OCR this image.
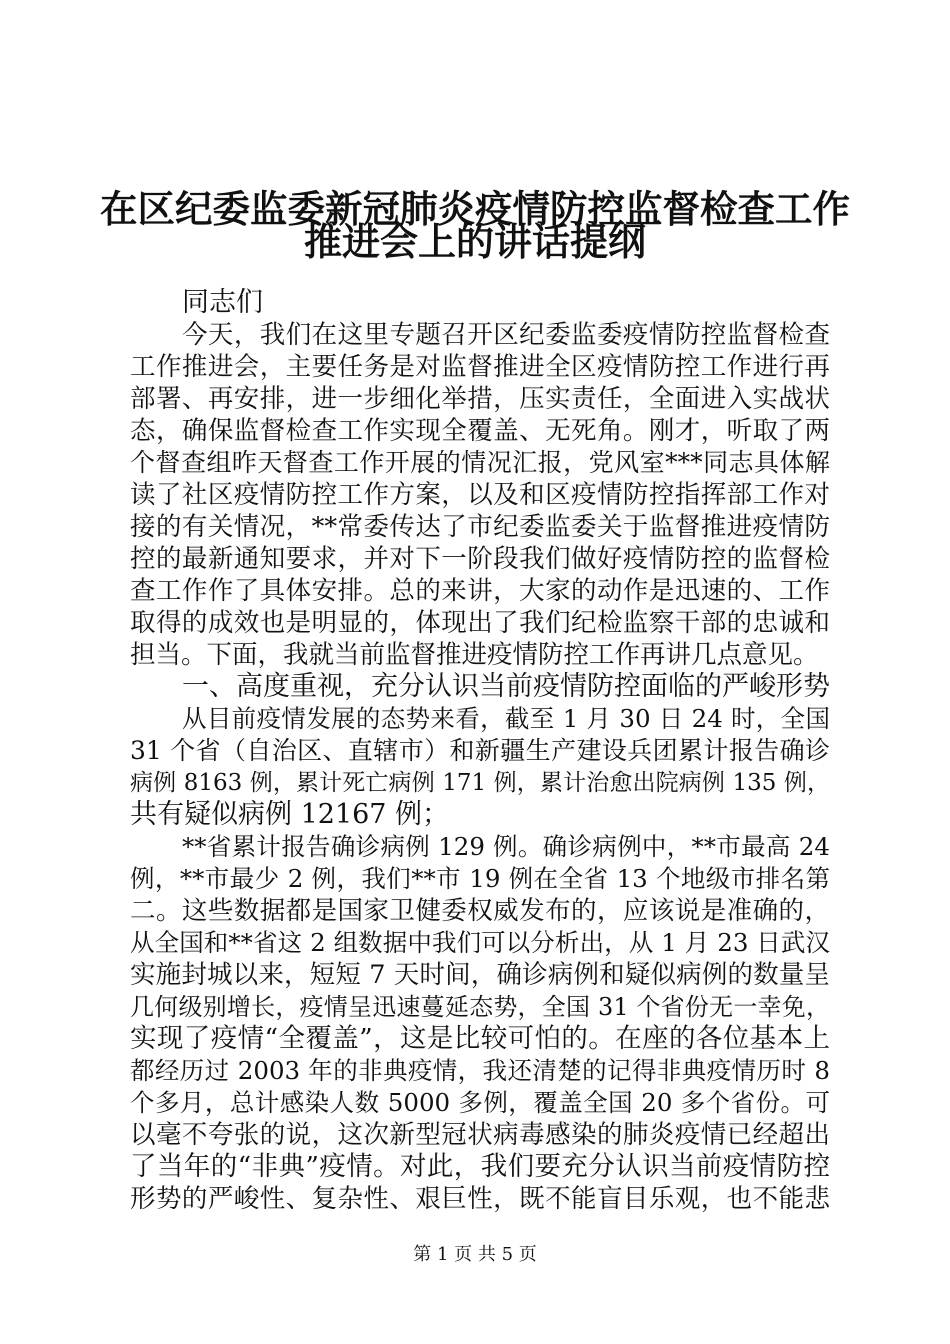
在区纪委监委新冠肺炎疫情防控监督检查工作
推进会上的讲话提纲
同志们
今天，我们在这里专题召开区纪委监委疫情防控监督检查
工作推进会，主要任务是对监督推进全区疫情防控工作进行再
部署、再安排，进一步细化举措，压实责任，全面进入实战状
态，确保监督检查工作实现全覆盖、无死角。刚才，听取了两
个督查组昨天督查工作开展的情况汇报，党风室***同志具体解
读了社区疫情防控工作方案，以及和区疫情防控指挥部工作对
接的有关情况，**常委传达了市纪委监委关于监督推进疫情防
控的最新通知要求，并对下一阶段我们做好疫情防控的监督检
查工作作了具体安排。总的来讲，大家的动作是迅速的、工作
取得的成效也是明显的，体现出了我们纪检监察干部的忠诚和
担当。下面，我就当前监督推进疫情防控工作再讲几点意见。
一、高度重视，充分认识当前疫情防控面临的严峻形势
从目前疫情发展的态势来看，截至 1 月 30 日 24 时，全国
31 个省（自治区、直辖市）和新疆生产建设兵团累计报告确诊
病例 8163 例，累计死亡病例 171 例，累计治愈出院病例 135 例，
共有疑似病例 12167 例；
**省累计报告确诊病例 129 例。确诊病例中，**市最高 24
例，**市最少 2 例，我们**市 19 例在全省 13 个地级市排名第
二。这些数据都是国家卫健委权威发布的，应该说是准确的，
从全国和**省这 2 组数据中我们可以分析出，从 1 月 23 日武汉
实施封城以来，短短 7 天时间，确诊病例和疑似病例的数量呈
几何级别增长，疫情呈迅速蔓延态势，全国 31 个省份无一幸免，
实现了疫情“全覆盖”，这是比较可怕的。在座的各位基本上
都经历过 2003 年的非典疫情，我还清楚的记得非典疫情历时 8
个多月，总计感染人数 5000 多例，覆盖全国 20 多个省份。可
以毫不夸张的说，这次新型冠状病毒感染的肺炎疫情已经超出
了当年的“非典”疫情。对此，我们要充分认识当前疫情防控
形势的严峻性、复杂性、艰巨性，既不能盲目乐观，也不能悲
第 1 页 共 5 页
